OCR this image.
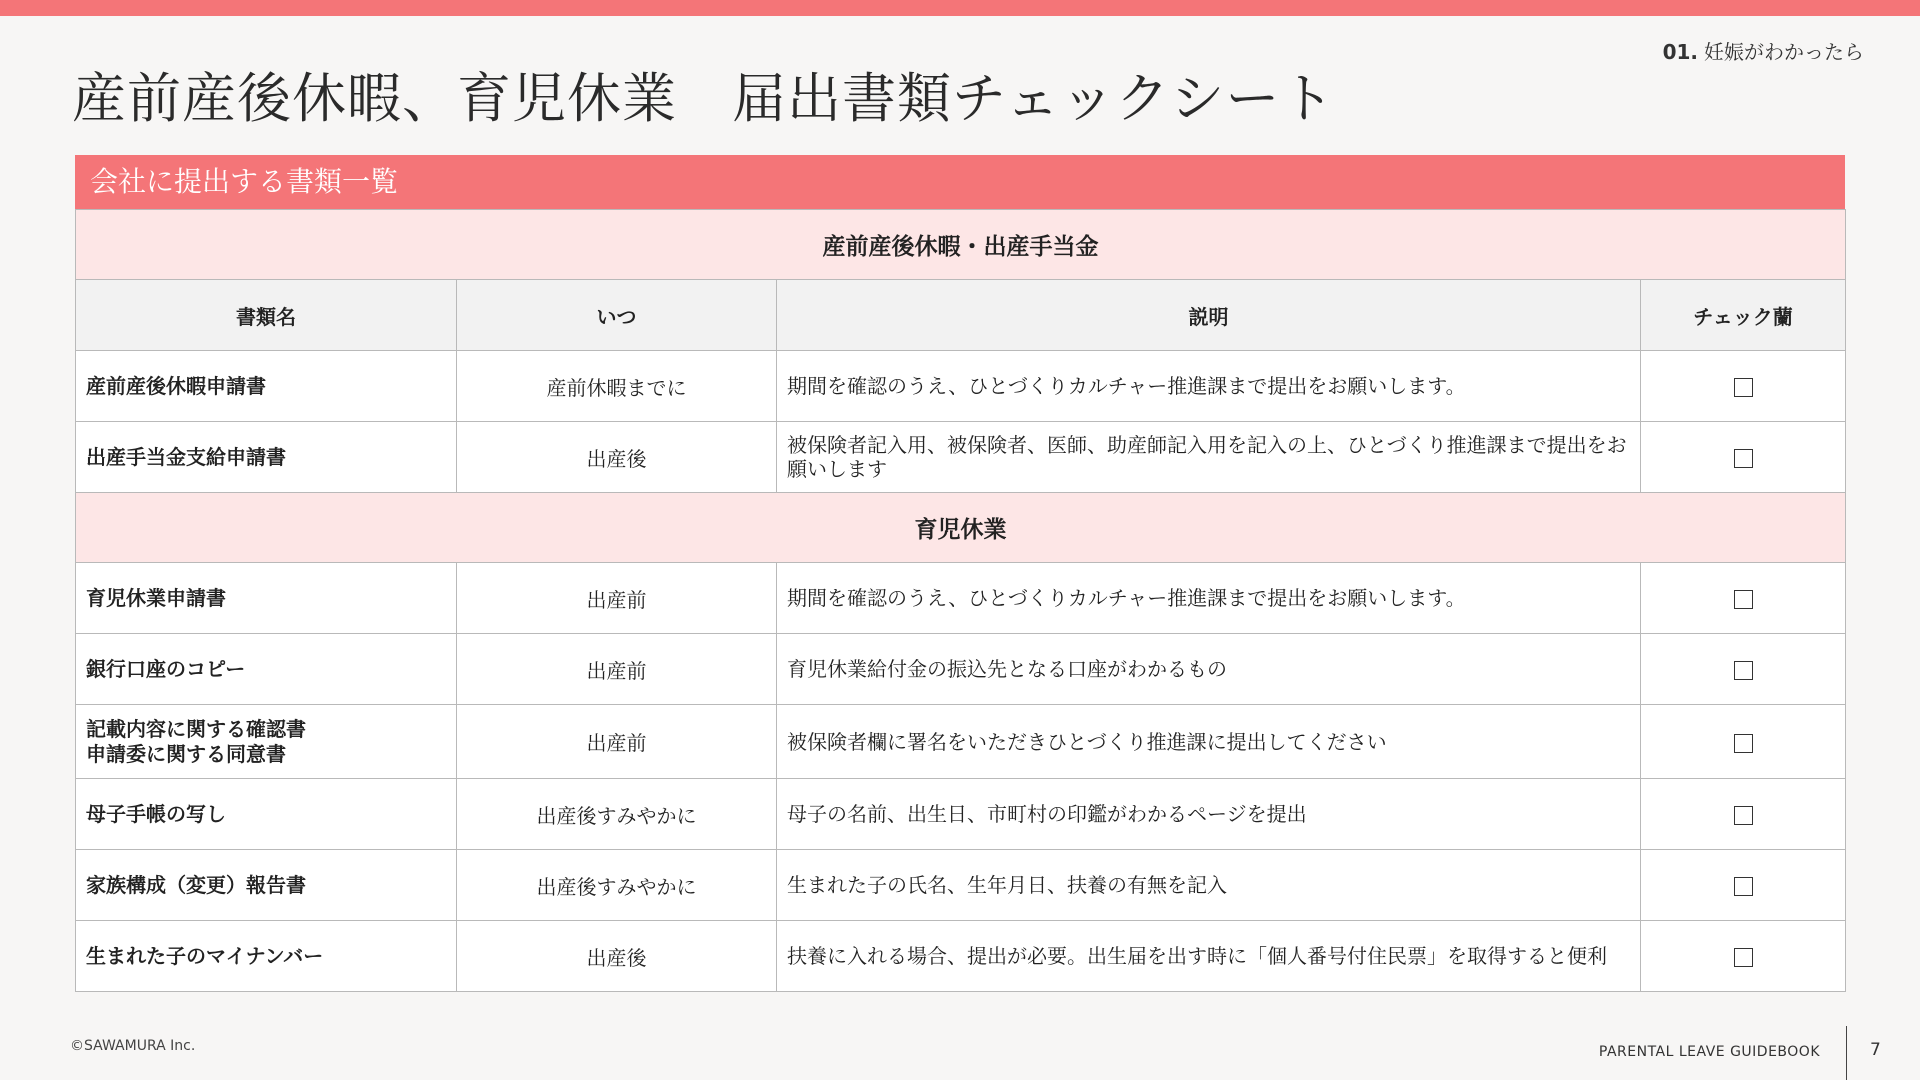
01. 妊娠がわかったら
産前産後休暇、育児休業　届出書類チェックシート
会社に提出する書類一覧
産前産後休暇・出産手当金			
書類名	いつ	説明	チェック蘭
産前産後休暇申請書	産前休暇までに	期間を確認のうえ、ひとづくりカルチャー推進課まで提出をお願いします。	
出産手当金支給申請書	出産後	被保険者記入用、被保険者、医師、助産師記入用を記入の上、ひとづくり推進課まで提出をお願いします	
育児休業			
育児休業申請書	出産前	期間を確認のうえ、ひとづくりカルチャー推進課まで提出をお願いします。	
銀行口座のコピー	出産前	育児休業給付金の振込先となる口座がわかるもの	
記載内容に関する確認書
申請委に関する同意書	出産前	被保険者欄に署名をいただきひとづくり推進課に提出してください	
母子手帳の写し	出産後すみやかに	母子の名前、出生日、市町村の印鑑がわかるページを提出	
家族構成（変更）報告書	出産後すみやかに	生まれた子の氏名、生年月日、扶養の有無を記入	
生まれた子のマイナンバー	出産後	扶養に入れる場合、提出が必要。出生届を出す時に「個人番号付住民票」を取得すると便利	
©SAWAMURA Inc.	PARENTAL LEAVE GUIDEBOOK	7
